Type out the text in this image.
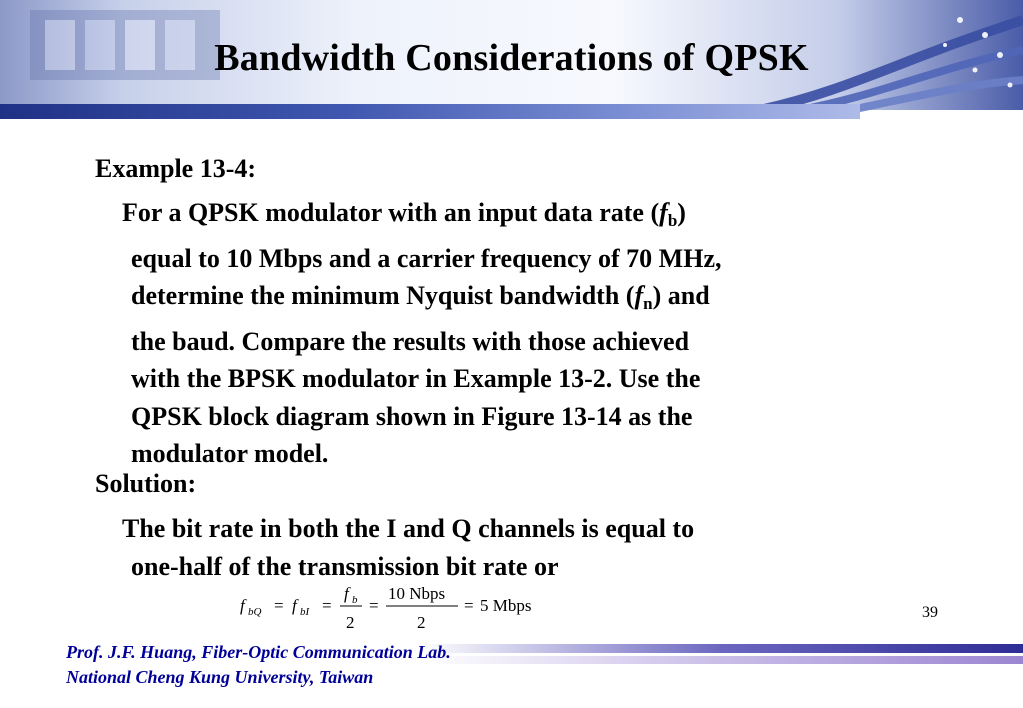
Bandwidth Considerations of QPSK
Example 13-4:
For a QPSK modulator with an input data rate $(f_b)$
equal to 10 Mbps and a carrier frequency of 70 MHz,
determine the minimum Nyquist bandwidth $(f_n)$ and
the baud. Compare the results with those achieved
with the BPSK modulator in Example 13-2. Use the
QPSK block diagram shown in Figure 13-14 as the
modulator model.
Solution:
The bit rate in both the I and Q channels is equal to
one-half of the transmission bit rate or
f bQ = f bI =
f b
2
=
10 Nbps
2
= 5 Mbps	39
Prof. J.F. Huang, Fiber-Optic Communication Lab.
National Cheng Kung University, Taiwan
